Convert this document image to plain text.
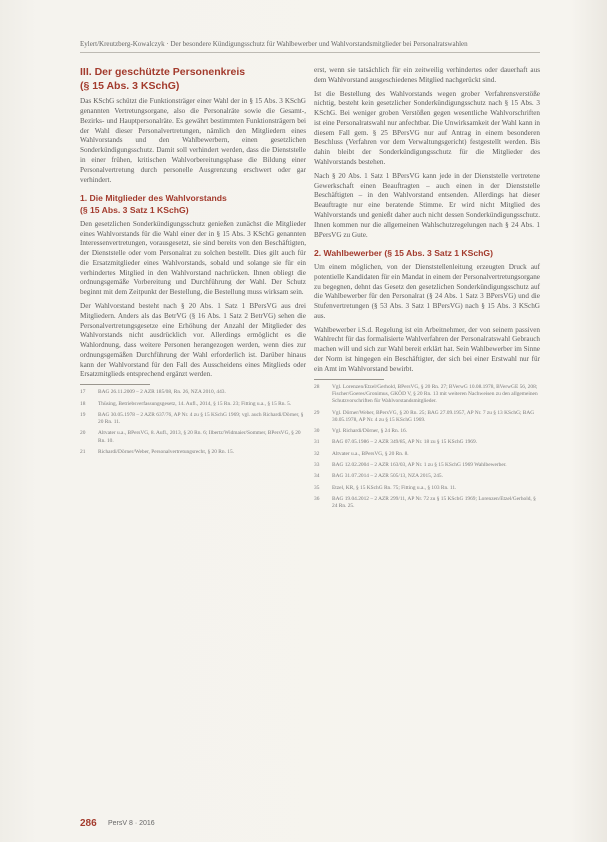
Eylert/Kreutzberg-Kowalczyk · Der besondere Kündigungsschutz für Wahlbewerber und Wahlvorstandsmitglieder bei Personalratswahlen
III. Der geschützte Personenkreis
(§ 15 Abs. 3 KSchG)

Das KSchG schützt die Funktionsträger einer Wahl der in § 15 Abs. 3 KSchG genannten Vertretungsorgane, also die Personalräte sowie die Gesamt-, Bezirks- und Hauptpersonalräte. Es gewährt bestimmten Funktionsträgern bei der Wahl dieser Personalvertretungen, nämlich den Mitgliedern eines Wahlvorstands und den Wahlbewerbern, einen gesetzlichen Sonderkündigungsschutz. Damit soll verhindert werden, dass die Dienststelle in einer frühen, kritischen Wahlvorbereitungsphase die Bildung einer Personalvertretung durch personelle Ausgrenzung erschwert oder gar verhindert.

1. Die Mitglieder des Wahlvorstands
(§ 15 Abs. 3 Satz 1 KSchG)

Den gesetzlichen Sonderkündigungsschutz genießen zunächst die Mitglieder eines Wahlvorstands für die Wahl einer der in § 15 Abs. 3 KSchG genannten Interessenvertretungen, vorausgesetzt, sie sind bereits von den Beschäftigten, der Dienststelle oder vom Personalrat zu solchen bestellt. Dies gilt auch für die Ersatzmitglieder eines Wahlvorstands, sobald und solange sie für ein verhindertes Mitglied in den Wahlvorstand nachrücken. Ihnen obliegt die ordnungsgemäße Vorbereitung und Durchführung der Wahl. Der Schutz beginnt mit dem Zeitpunkt der Bestellung, die Bestellung muss wirksam sein.

Der Wahlvorstand besteht nach § 20 Abs. 1 Satz 1 BPersVG aus drei Mitgliedern. Anders als das BetrVG (§ 16 Abs. 1 Satz 2 BetrVG) sehen die Personalvertretungsgesetze eine Erhöhung der Anzahl der Mitglieder des Wahlvorstands nicht ausdrücklich vor. Allerdings ermöglicht es die Wahlordnung, dass weitere Personen herangezogen werden, wenn dies zur ordnungsgemäßen Durchführung der Wahl erforderlich ist. Darüber hinaus kann der Wahlvorstand für den Fall des Ausscheidens eines Mitglieds oder Ersatzmitglieds entsprechend ergänzt werden.

17	BAG 26.11.2009 – 2 AZR 185/08, Rn. 26, NZA 2010, 443.
18	Thüsing, Betriebsverfassungsgesetz, 14. Aufl., 2014, § 15 Rn. 23; Fitting u.a., § 15 Rn. 5.
19	BAG 30.05.1978 – 2 AZR 637/76, AP Nr. 4 zu § 15 KSchG 1969; vgl. auch Richardi/Dörner, § 20 Rn. 11.
20	Altvater u.a., BPersVG, 8. Aufl., 2013, § 20 Rn. 6; Ilbertz/Widmaier/Sommer, BPersVG, § 20 Rn. 10.
21	Richardi/Dörner/Weber, Personalvertretungsrecht, § 20 Rn. 15.

erst, wenn sie tatsächlich für ein zeitweilig verhindertes oder dauerhaft aus dem Wahlvorstand ausgeschiedenes Mitglied nachgerückt sind.

Ist die Bestellung des Wahlvorstands wegen grober Verfahrensverstöße nichtig, besteht kein gesetzlicher Sonderkündigungsschutz nach § 15 Abs. 3 KSchG. Bei weniger groben Verstößen gegen wesentliche Wahlvorschriften ist eine Personalratswahl nur anfechtbar. Die Unwirksamkeit der Wahl kann in diesem Fall gem. § 25 BPersVG nur auf Antrag in einem besonderen Beschluss (Verfahren vor dem Verwaltungsgericht) festgestellt werden. Bis dahin bleibt der Sonderkündigungsschutz für die Mitglieder des Wahlvorstands bestehen.

Nach § 20 Abs. 1 Satz 1 BPersVG kann jede in der Dienststelle vertretene Gewerkschaft einen Beauftragten – auch einen in der Dienststelle Beschäftigten – in den Wahlvorstand entsenden. Allerdings hat dieser Beauftragte nur eine beratende Stimme. Er wird nicht Mitglied des Wahlvorstands und genießt daher auch nicht dessen Sonderkündigungsschutz. Ihnen kommen nur die allgemeinen Wahlschutzregelungen nach § 24 Abs. 1 BPersVG zu Gute.

2. Wahlbewerber (§ 15 Abs. 3 Satz 1 KSchG)

Um einem möglichen, von der Dienststellenleitung erzeugten Druck auf potentielle Kandidaten für ein Mandat in einem der Personalvertretungsorgane zu begegnen, dehnt das Gesetz den gesetzlichen Sonderkündigungsschutz auf die Wahlbewerber für den Personalrat (§ 24 Abs. 1 Satz 3 BPersVG) und die Stufenvertretungen (§ 53 Abs. 3 Satz 1 BPersVG) nach § 15 Abs. 3 KSchG aus.

Wahlbewerber i.S.d. Regelung ist ein Arbeitnehmer, der von seinem passiven Wahlrecht für das formalisierte Wahlverfahren der Personalratswahl Gebrauch machen will und sich zur Wahl bereit erklärt hat. Sein Wahlbewerber im Sinne der Norm ist hingegen ein Beschäftigter, der sich bei einer Erstwahl nur für ein Amt im Wahlvorstand bewirbt.

28	Vgl. Lorenzen/Etzel/Gerhold, BPersVG, § 20 Rn. 27; BVerwG 10.08.1978, BVerwGE 56, 208; Fischer/Goeres/Gronimus, GKÖD V, § 20 Rn. 13 mit weiteren Nachweisen zu den allgemeinen Schutzvorschriften für Wahlvorstandsmitglieder.
29	Vgl. Dörner/Weber, BPersVG, § 20 Rn. 25; BAG 27.09.1957, AP Nr. 7 zu § 13 KSchG; BAG 30.05.1978, AP Nr. 4 zu § 15 KSchG 1969.
30	Vgl. Richardi/Dörner, § 24 Rn. 16.
31	BAG 07.05.1986 – 2 AZR 349/85, AP Nr. 18 zu § 15 KSchG 1969.
32	Altvater u.a., BPersVG, § 20 Rn. 8.
33	BAG 12.02.2004 – 2 AZR 163/03, AP Nr. 1 zu § 15 KSchG 1969 Wahlbewerber.
34	BAG 31.07.2014 – 2 AZR 505/13, NZA 2015, 245.
35	Etzel, KR, § 15 KSchG Rn. 75; Fitting u.a., § 103 Rn. 11.
36	BAG 19.04.2012 – 2 AZR 299/11, AP Nr. 72 zu § 15 KSchG 1969; Lorenzen/Etzel/Gerhold, § 24 Rn. 25.
286 PersV 8 · 2016
